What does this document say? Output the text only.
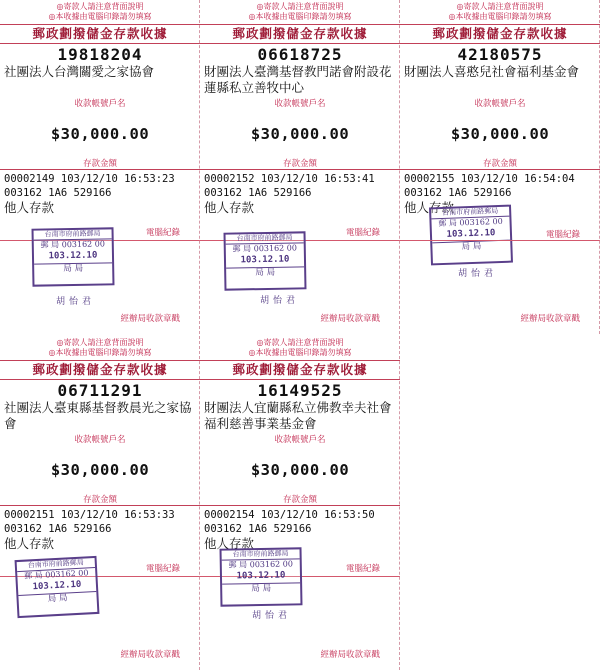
◎寄款人請注意背面說明
◎本收據由電腦印錄請勿填寫
郵政劃撥儲金存款收據
19818204
社團法人台灣關愛之家協會
收款帳號戶名
$30,000.00
存款金額
00002149 103/12/10 16:53:23
003162 1A6 529166
他人存款
電腦紀錄
台南市府前路郵局
郵 局 003162 00
103.12.10
局 局
胡怡君
經辦局收款章戳
◎寄款人請注意背面說明
◎本收據由電腦印錄請勿填寫
郵政劃撥儲金存款收據
06618725
財團法人臺灣基督教門諾會附設花蓮縣私立善牧中心
收款帳號戶名
$30,000.00
存款金額
00002152 103/12/10 16:53:41
003162 1A6 529166
他人存款
電腦紀錄
台南市府前路郵局
郵 局 003162 00
103.12.10
局 局
胡怡君
經辦局收款章戳
◎寄款人請注意背面說明
◎本收據由電腦印錄請勿填寫
郵政劃撥儲金存款收據
42180575
財團法人喜憨兒社會福利基金會
收款帳號戶名
$30,000.00
存款金額
00002155 103/12/10 16:54:04
003162 1A6 529166
他人存款
台南市府前路郵局
郵 局 003162 00
103.12.10
局 局
電腦紀錄
胡怡君
經辦局收款章戳
◎寄款人請注意背面說明
◎本收據由電腦印錄請勿填寫
郵政劃撥儲金存款收據
06711291
社團法人臺東縣基督教晨光之家協會
收款帳號戶名
$30,000.00
存款金額
00002151 103/12/10 16:53:33
003162 1A6 529166
他人存款
電腦紀錄
台南市府前路郵局
郵 局 003162 00
103.12.10
局 局
經辦局收款章戳
◎寄款人請注意背面說明
◎本收據由電腦印錄請勿填寫
郵政劃撥儲金存款收據
16149525
財團法人宜蘭縣私立佛教幸夫社會福利慈善事業基金會
收款帳號戶名
$30,000.00
存款金額
00002154 103/12/10 16:53:50
003162 1A6 529166
他人存款
電腦紀錄
台南市府前路郵局
郵 局 003162 00
103.12.10
局 局
胡怡君
經辦局收款章戳
